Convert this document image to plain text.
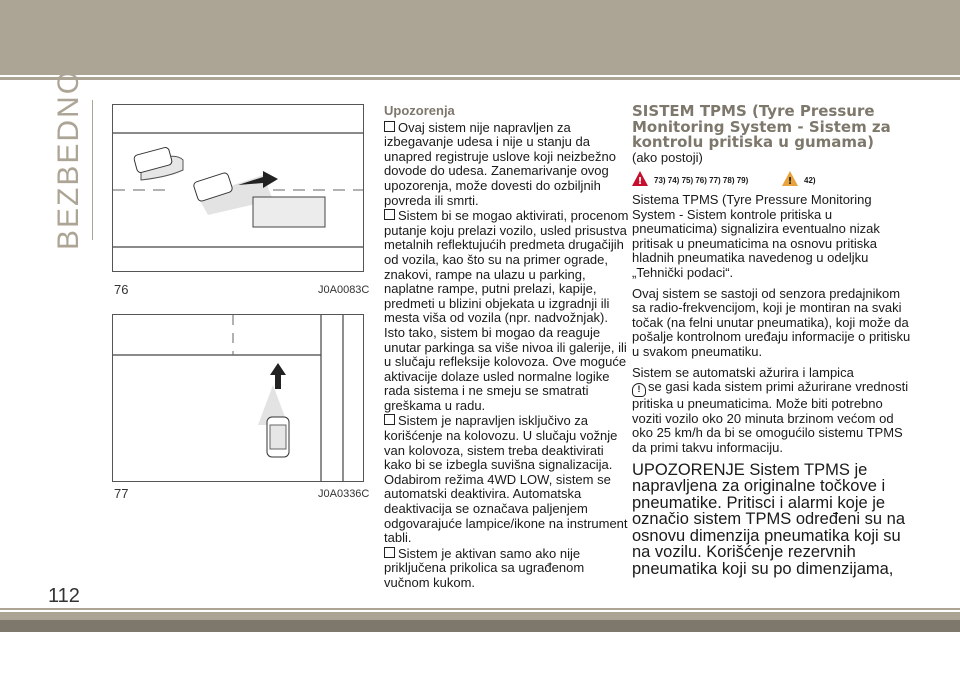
BEZBEDNOST
76	J0A0083C
77	J0A0336C
Upozorenja

Ovaj sistem nije napravljen za izbegavanje udesa i nije u stanju da unapred registruje uslove koji neizbežno dovode do udesa. Zanemarivanje ovog upozorenja, može dovesti do ozbiljnih povreda ili smrti.

Sistem bi se mogao aktivirati, procenom putanje koju prelazi vozilo, usled prisustva metalnih reflektujućih predmeta drugačijih od vozila, kao što su na primer ograde, znakovi, rampe na ulazu u parking, naplatne rampe, putni prelazi, kapije, predmeti u blizini objekata u izgradnji ili mesta viša od vozila (npr. nadvožnjak). Isto tako, sistem bi mogao da reaguje unutar parkinga sa više nivoa ili galerije, ili u slučaju refleksije kolovoza. Ove moguće aktivacije dolaze usled normalne logike rada sistema i ne smeju se smatrati greškama u radu.

Sistem je napravljen isključivo za korišćenje na kolovozu. U slučaju vožnje van kolovoza, sistem treba deaktivirati kako bi se izbegla suvišna signalizacija. Odabirom režima 4WD LOW, sistem se automatski deaktivira. Automatska deaktivacija se označava paljenjem odgovarajuće lampice/ikone na instrument tabli.

Sistem je aktivan samo ako nije priključena prikolica sa ugrađenom vučnom kukom.

SISTEM TPMS (Tyre Pressure Monitoring System - Sistem za kontrolu pritiska u gumama)

(ako postoji)

! 73) 74) 75) 76) 77) 78) 79)	! 42)

Sistema TPMS (Tyre Pressure Monitoring System - Sistem kontrole pritiska u pneumaticima) signalizira eventualno nizak pritisak u pneumaticima na osnovu pritiska hladnih pneumatika navedenog u odeljku „Tehnički podaci“.

Ovaj sistem se sastoji od senzora predajnikom sa radio-frekvencijom, koji je montiran na svaki točak (na felni unutar pneumatika), koji može da pošalje kontrolnom uređaju informacije o pritisku u svakom pneumatiku.

Sistem se automatski ažurira i lampica
! se gasi kada sistem primi ažurirane vrednosti pritiska u pneumaticima. Može biti potrebno voziti vozilo oko 20 minuta brzinom većom od oko 25 km/h da bi se omogućilo sistemu TPMS da primi takvu informaciju.

UPOZORENJE Sistem TPMS je napravljena za originalne točkove i pneumatike. Pritisci i alarmi koje je označio sistem TPMS određeni su na osnovu dimenzija pneumatika koji su na vozilu. Korišćenje rezervnih pneumatika koji su po dimenzijama,

112
